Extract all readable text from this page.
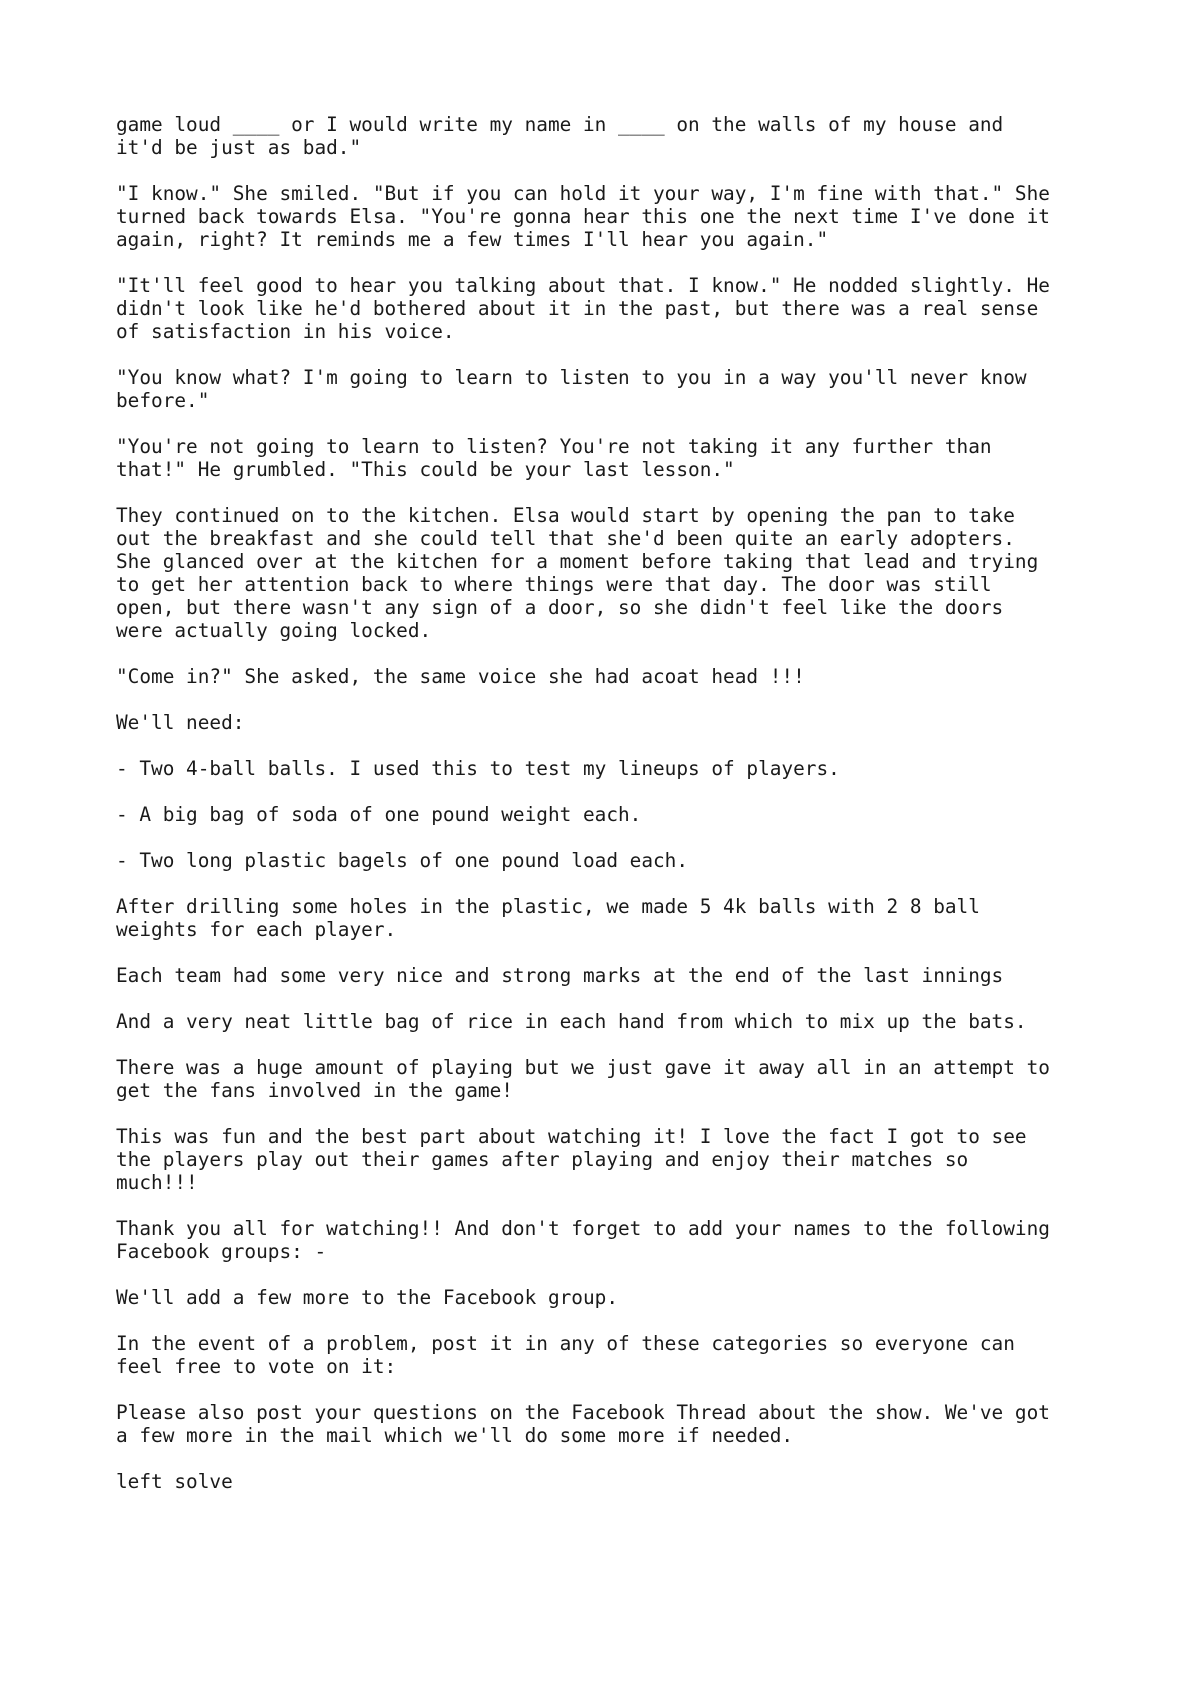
game loud ____ or I would write my name in ____ on the walls of my house and
it'd be just as bad."

"I know." She smiled. "But if you can hold it your way, I'm fine with that." She
turned back towards Elsa. "You're gonna hear this one the next time I've done it
again, right? It reminds me a few times I'll hear you again."

"It'll feel good to hear you talking about that. I know." He nodded slightly. He
didn't look like he'd bothered about it in the past, but there was a real sense
of satisfaction in his voice.

"You know what? I'm going to learn to listen to you in a way you'll never know
before."

"You're not going to learn to listen? You're not taking it any further than
that!" He grumbled. "This could be your last lesson."

They continued on to the kitchen. Elsa would start by opening the pan to take
out the breakfast and she could tell that she'd been quite an early adopters.
She glanced over at the kitchen for a moment before taking that lead and trying
to get her attention back to where things were that day. The door was still
open, but there wasn't any sign of a door, so she didn't feel like the doors
were actually going locked.

"Come in?" She asked, the same voice she had acoat head !!!

We'll need:

- Two 4-ball balls. I used this to test my lineups of players.

- A big bag of soda of one pound weight each.

- Two long plastic bagels of one pound load each.

After drilling some holes in the plastic, we made 5 4k balls with 2 8 ball
weights for each player.

Each team had some very nice and strong marks at the end of the last innings

And a very neat little bag of rice in each hand from which to mix up the bats.

There was a huge amount of playing but we just gave it away all in an attempt to
get the fans involved in the game!

This was fun and the best part about watching it! I love the fact I got to see
the players play out their games after playing and enjoy their matches so
much!!!

Thank you all for watching!! And don't forget to add your names to the following
Facebook groups: -

We'll add a few more to the Facebook group.

In the event of a problem, post it in any of these categories so everyone can
feel free to vote on it:

Please also post your questions on the Facebook Thread about the show. We've got
a few more in the mail which we'll do some more if needed.

left solve
